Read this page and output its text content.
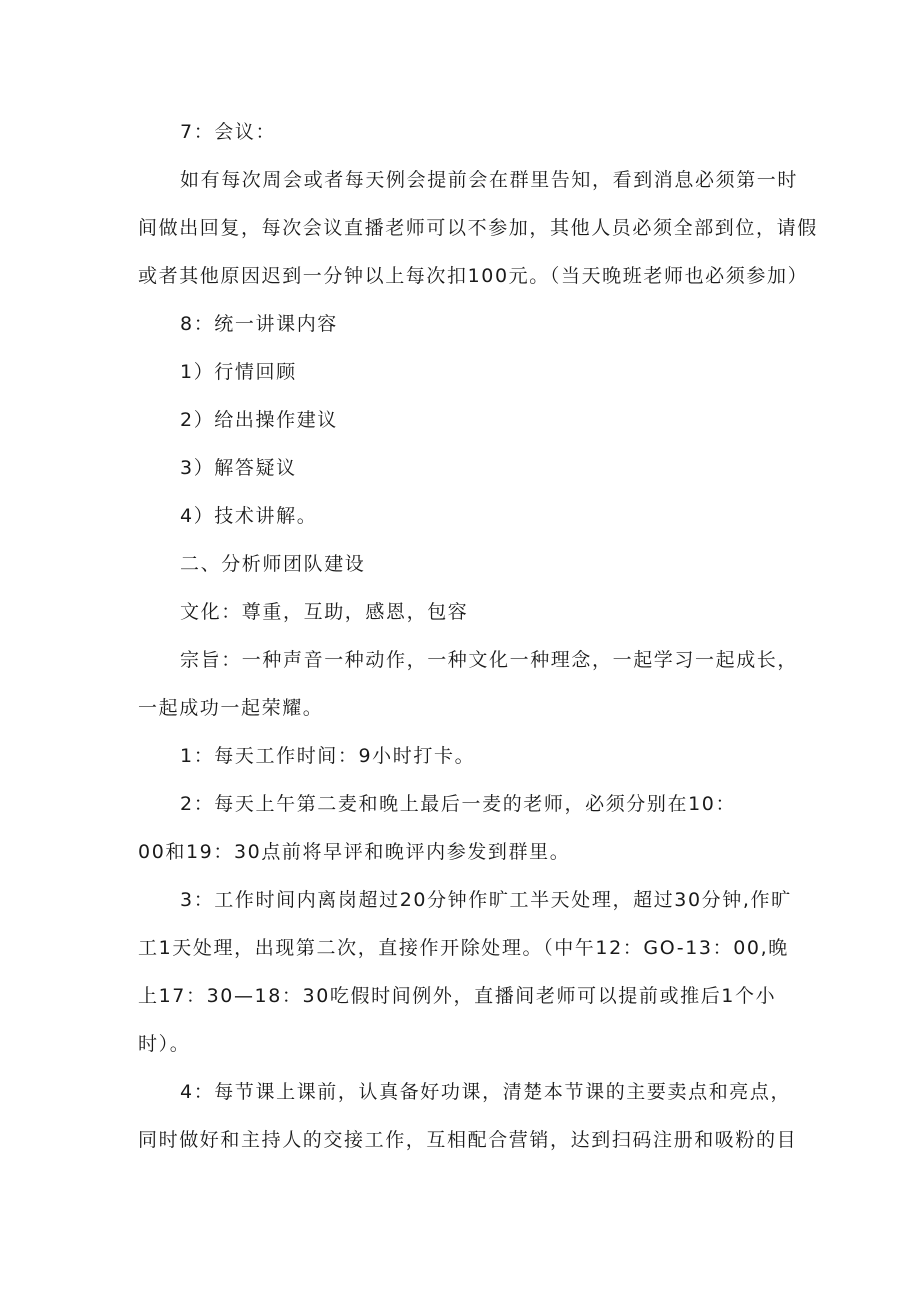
7：会议：
如有每次周会或者每天例会提前会在群里告知，看到消息必须第一时
间做出回复，每次会议直播老师可以不参加，其他人员必须全部到位，请假
或者其他原因迟到一分钟以上每次扣100元。（当天晚班老师也必须参加）
8：统一讲课内容
1）行情回顾
2）给出操作建议
3）解答疑议
4）技术讲解。
二、分析师团队建设
文化：尊重，互助，感恩，包容
宗旨：一种声音一种动作，一种文化一种理念，一起学习一起成长，
一起成功一起荣耀。
1：每天工作时间：9小时打卡。
2：每天上午第二麦和晚上最后一麦的老师，必须分别在10：
00和19：30点前将早评和晚评内参发到群里。
3：工作时间内离岗超过20分钟作旷工半天处理，超过30分钟,作旷
工1天处理，出现第二次，直接作开除处理。（中午12：GO-13：00,晚
上17：30—18：30吃假时间例外，直播间老师可以提前或推后1个小
时）。
4：每节课上课前，认真备好功课，清楚本节课的主要卖点和亮点，
同时做好和主持人的交接工作，互相配合营销，达到扫码注册和吸粉的目
